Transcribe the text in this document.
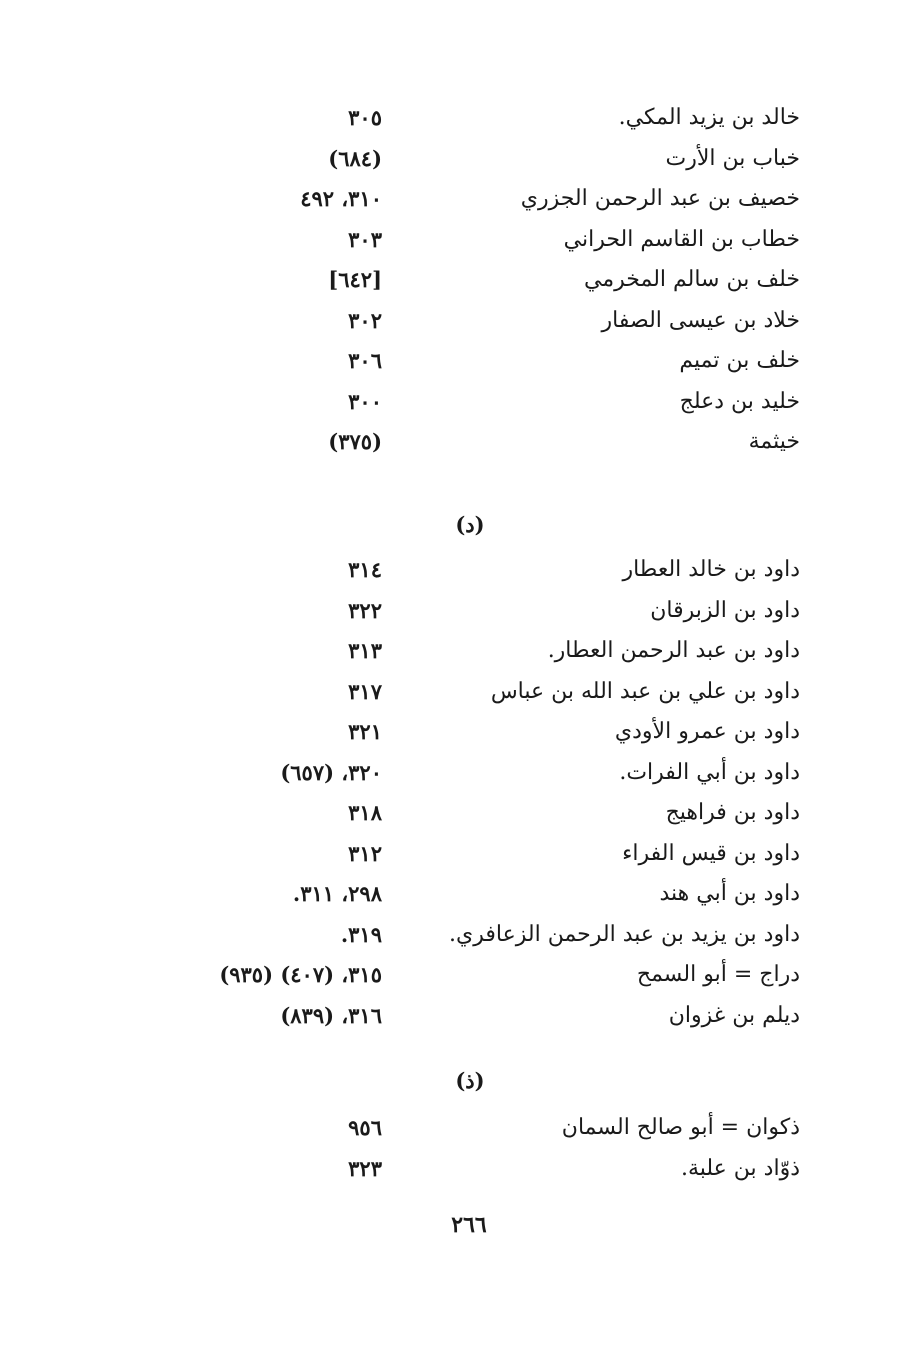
خالد بن يزيد المكي.
٣٠٥
خباب بن الأرت
(٦٨٤)
خصيف بن عبد الرحمن الجزري
٣١٠، ٤٩٢
خطاب بن القاسم الحراني
٣٠٣
خلف بن سالم المخرمي
[٦٤٢]
خلاد بن عيسى الصفار
٣٠٢
خلف بن تميم
٣٠٦
خليد بن دعلج
٣٠٠
خيثمة
(٣٧٥)
(د)
داود بن خالد العطار
٣١٤
داود بن الزبرقان
٣٢٢
داود بن عبد الرحمن العطار.
٣١٣
داود بن علي بن عبد الله بن عباس
٣١٧
داود بن عمرو الأودي
٣٢١
داود بن أبي الفرات.
٣٢٠، (٦٥٧)
داود بن فراهيج
٣١٨
داود بن قيس الفراء
٣١٢
داود بن أبي هند
٢٩٨، ٣١١.
داود بن يزيد بن عبد الرحمن الزعافري.
٣١٩.
دراج = أبو السمح
٣١٥، (٤٠٧) (٩٣٥)
ديلم بن غزوان
٣١٦، (٨٣٩)
(ذ)
ذكوان = أبو صالح السمان
٩٥٦
ذوّاد بن علبة.
٣٢٣
٢٦٦
